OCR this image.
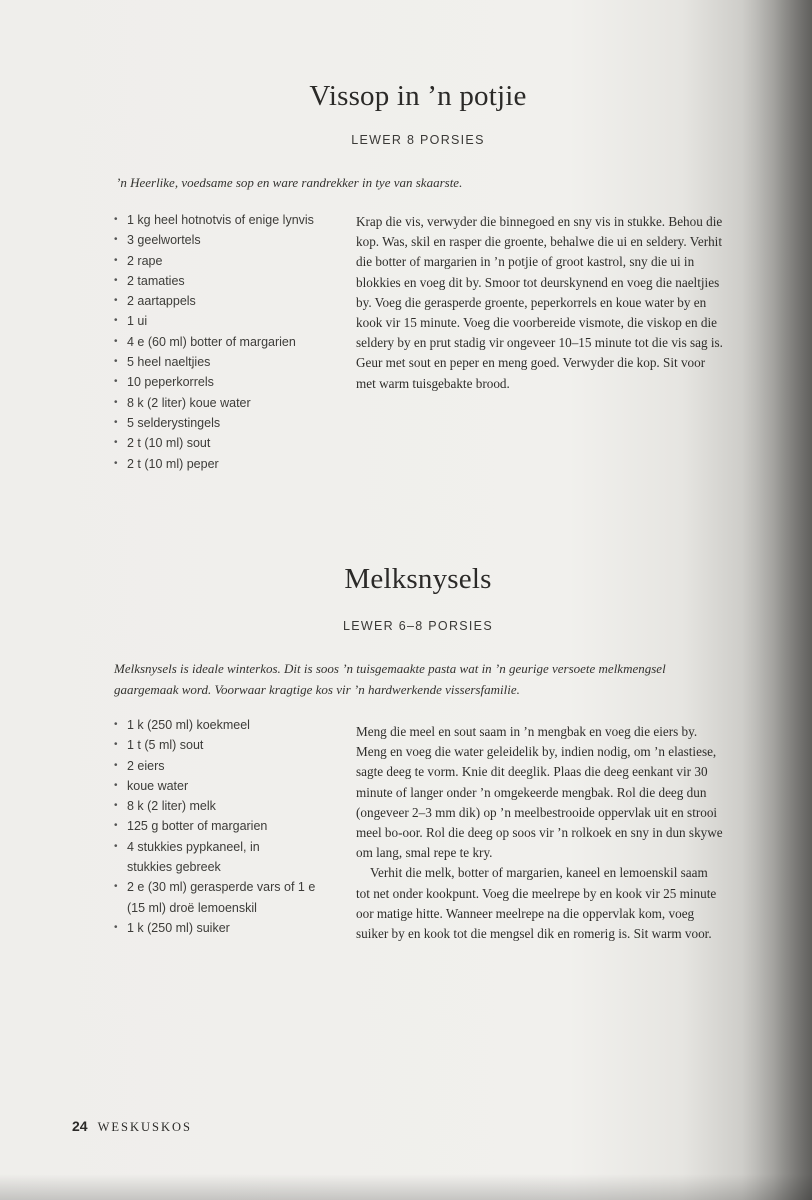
Vissop in ’n potjie
LEWER 8 PORSIES
’n Heerlike, voedsame sop en ware randrekker in tye van skaarste.
• 1 kg heel hotnotvis of enige lynvis
• 3 geelwortels
• 2 rape
• 2 tamaties
• 2 aartappels
• 1 ui
• 4 e (60 ml) botter of margarien
• 5 heel naeltjies
• 10 peperkorrels
• 8 k (2 liter) koue water
• 5 selderystingels
• 2 t (10 ml) sout
• 2 t (10 ml) peper

Krap die vis, verwyder die binnegoed en sny vis in stukke. Behou die kop. Was, skil en rasper die groente, behalwe die ui en seldery. Verhit die botter of margarien in ’n potjie of groot kastrol, sny die ui in blokkies en voeg dit by. Smoor tot deurskynend en voeg die naeltjies by. Voeg die gerasperde groente, peperkorrels en koue water by en kook vir 15 minute. Voeg die voorbereide vismote, die viskop en die seldery by en prut stadig vir ongeveer 10–15 minute tot die vis sag is. Geur met sout en peper en meng goed. Verwyder die kop. Sit voor met warm tuisgebakte brood.

Melksnysels
LEWER 6–8 PORSIES
Melksnysels is ideale winterkos. Dit is soos ’n tuisgemaakte pasta wat in ’n geurige versoete melkmengsel gaargemaak word. Voorwaar kragtige kos vir ’n hardwerkende vissersfamilie.
• 1 k (250 ml) koekmeel
• 1 t (5 ml) sout
• 2 eiers
• koue water
• 8 k (2 liter) melk
• 125 g botter of margarien
• 4 stukkies pypkaneel, in stukkies gebreek
• 2 e (30 ml) gerasperde vars of 1 e (15 ml) droë lemoenskil
• 1 k (250 ml) suiker

Meng die meel en sout saam in ’n mengbak en voeg die eiers by. Meng en voeg die water geleidelik by, indien nodig, om ’n elastiese, sagte deeg te vorm. Knie dit deeglik. Plaas die deeg eenkant vir 30 minute of langer onder ’n omgekeerde mengbak. Rol die deeg dun (ongeveer 2–3 mm dik) op ’n meelbestrooide oppervlak uit en strooi meel bo-oor. Rol die deeg op soos vir ’n rolkoek en sny in dun skywe om lang, smal repe te kry.

Verhit die melk, botter of margarien, kaneel en lemoenskil saam tot net onder kookpunt. Voeg die meelrepe by en kook vir 25 minute oor matige hitte. Wanneer meelrepe na die oppervlak kom, voeg suiker by en kook tot die mengsel dik en romerig is. Sit warm voor.

24 WESKUSKOS
